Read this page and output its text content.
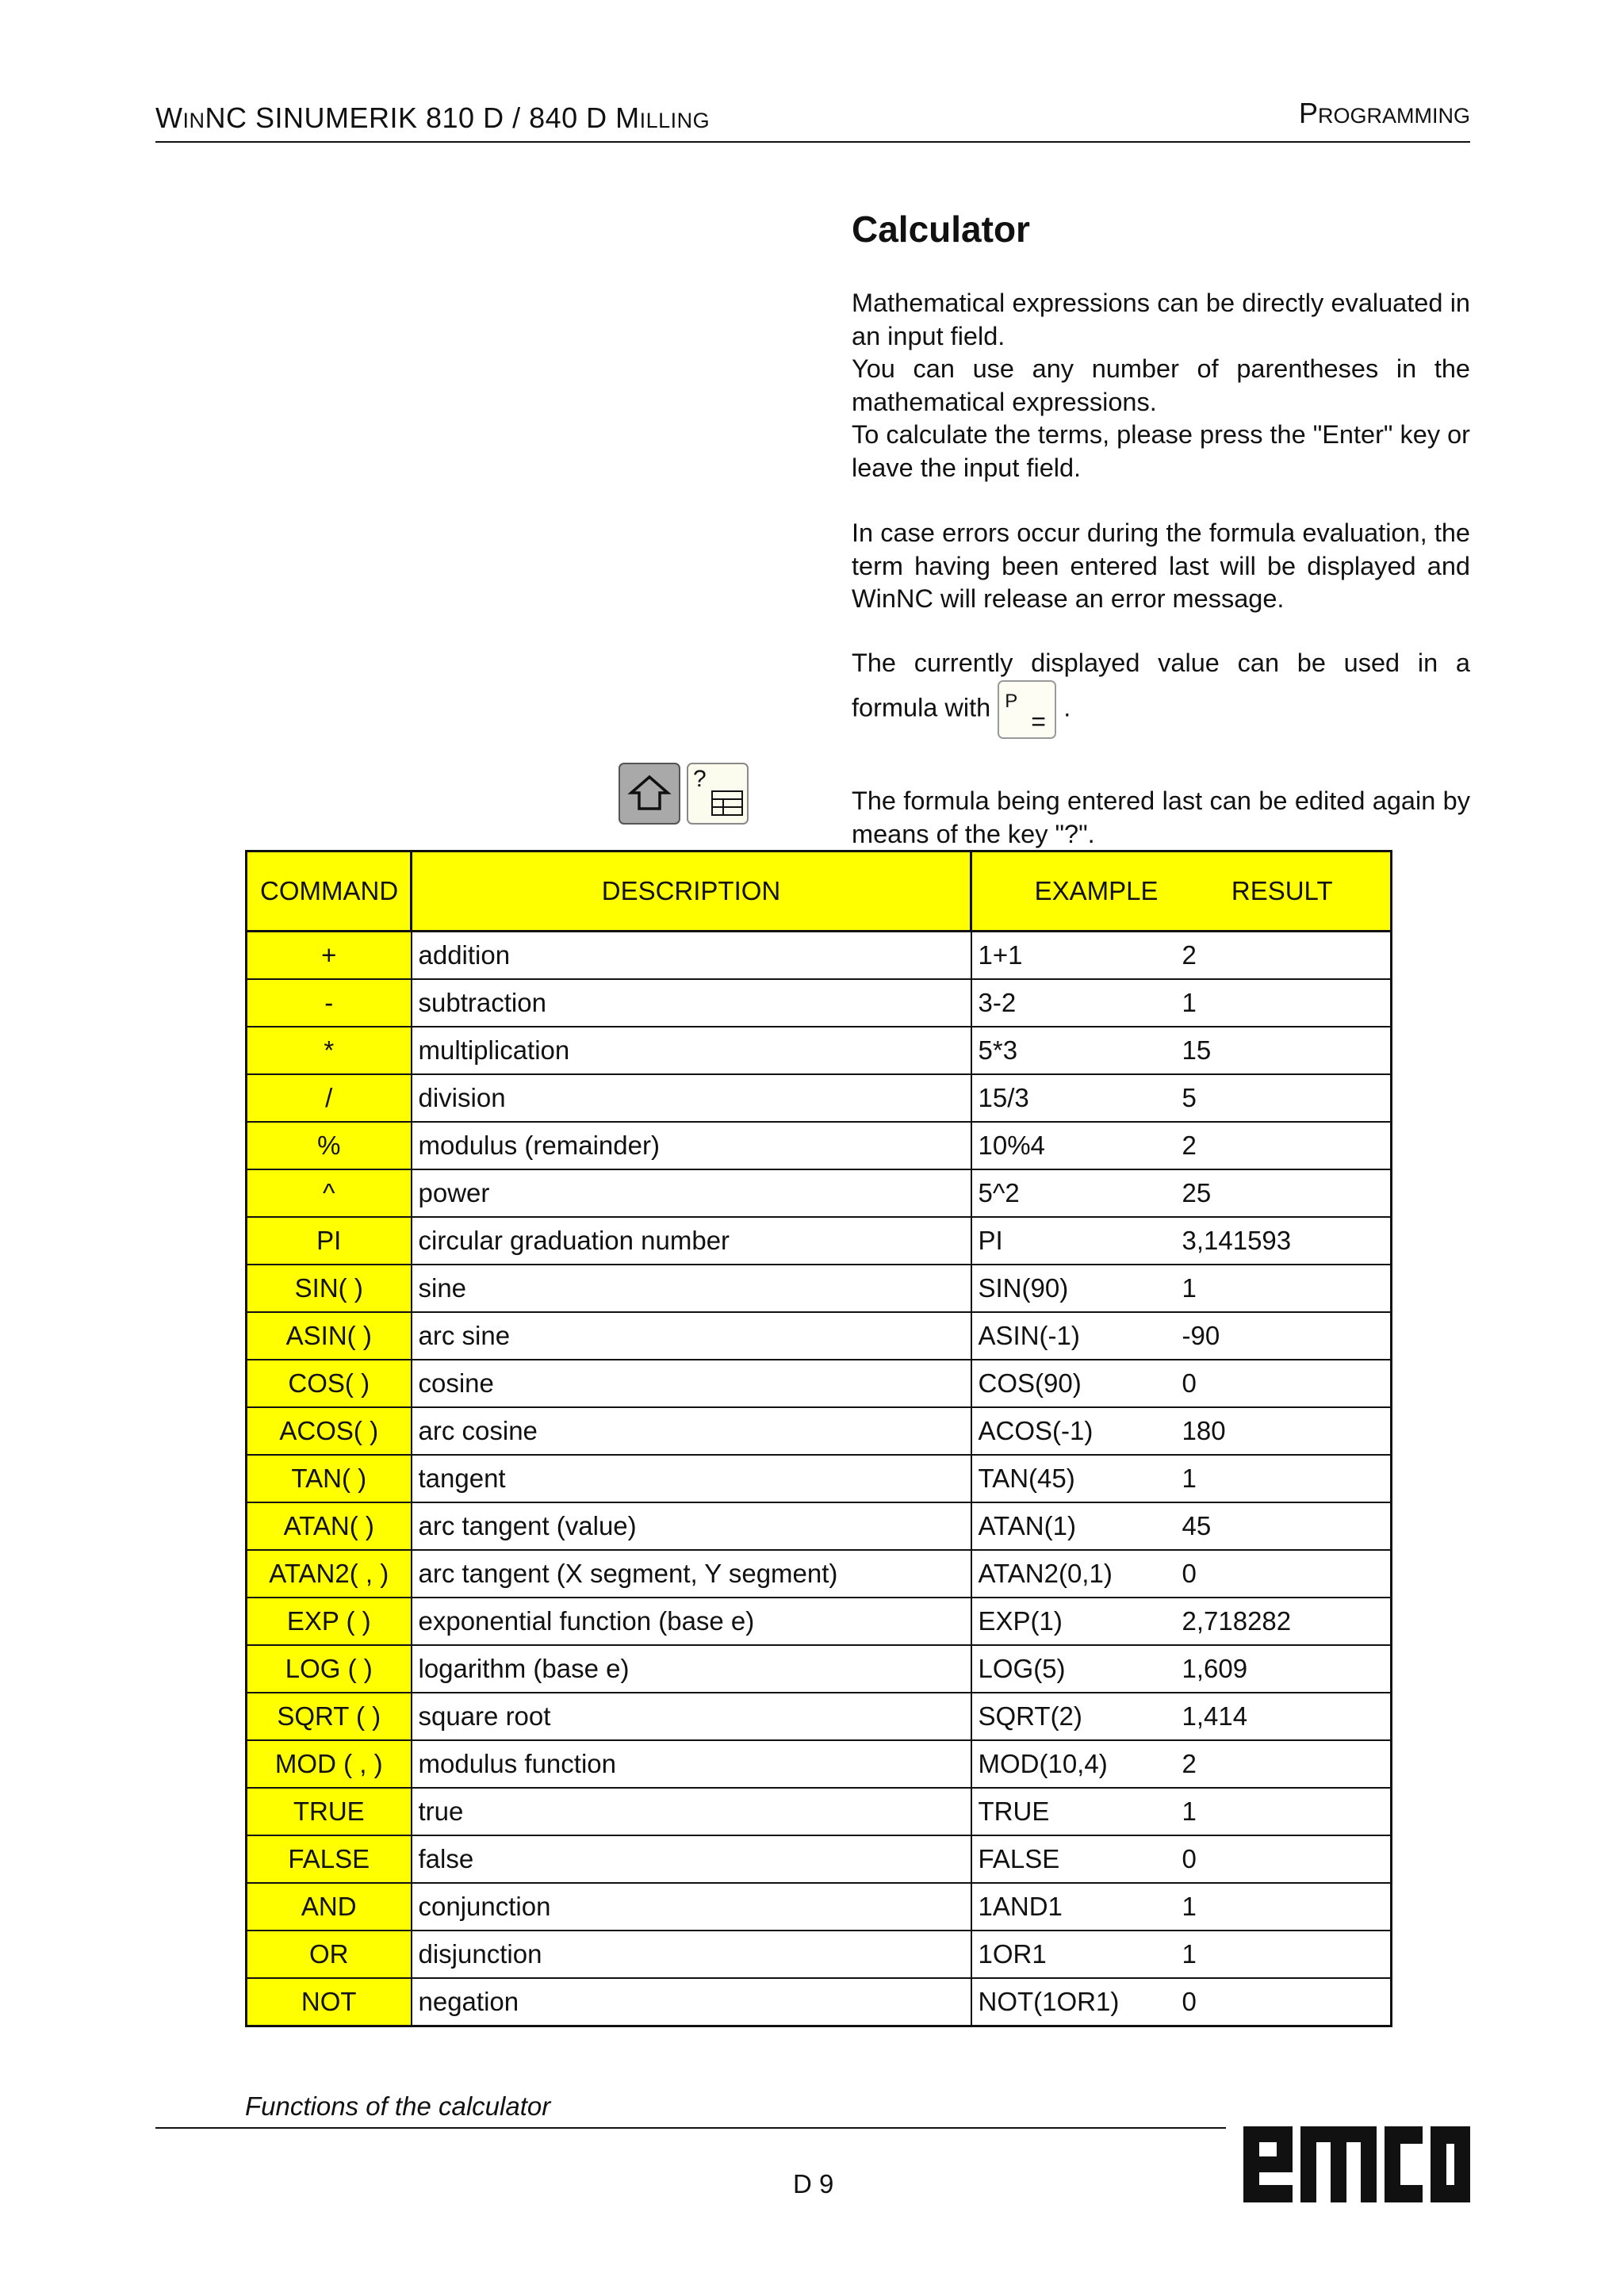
WINNC SINUMERIK 810 D / 840 D MILLING	PROGRAMMING
Calculator
Mathematical expressions can be directly evaluated in an input field.
You can use any number of parentheses in the mathematical expressions.
To calculate the terms, please press the "Enter" key or leave the input field.
In case errors occur during the formula evaluation, the term having been entered last will be displayed and WinNC will release an error message.
The currently displayed value can be used in a formula with P
= .
The formula being entered last can be edited again by means of the key "?".
?
COMMAND	DESCRIPTION	EXAMPLE	RESULT
+	addition	1+1	2
-	subtraction	3-2	1
*	multiplication	5*3	15
/	division	15/3	5
%	modulus (remainder)	10%4	2
^	power	5^2	25
PI	circular graduation number	PI	3,141593
SIN( )	sine	SIN(90)	1
ASIN( )	arc sine	ASIN(-1)	-90
COS( )	cosine	COS(90)	0
ACOS( )	arc cosine	ACOS(-1)	180
TAN( )	tangent	TAN(45)	1
ATAN( )	arc tangent (value)	ATAN(1)	45
ATAN2( , )	arc tangent (X segment, Y segment)	ATAN2(0,1)	0
EXP ( )	exponential function (base e)	EXP(1)	2,718282
LOG ( )	logarithm (base e)	LOG(5)	1,609
SQRT ( )	square root	SQRT(2)	1,414
MOD ( , )	modulus function	MOD(10,4)	2
TRUE	true	TRUE	1
FALSE	false	FALSE	0
AND	conjunction	1AND1	1
OR	disjunction	1OR1	1
NOT	negation	NOT(1OR1)	0
Functions of the calculator
D 9
